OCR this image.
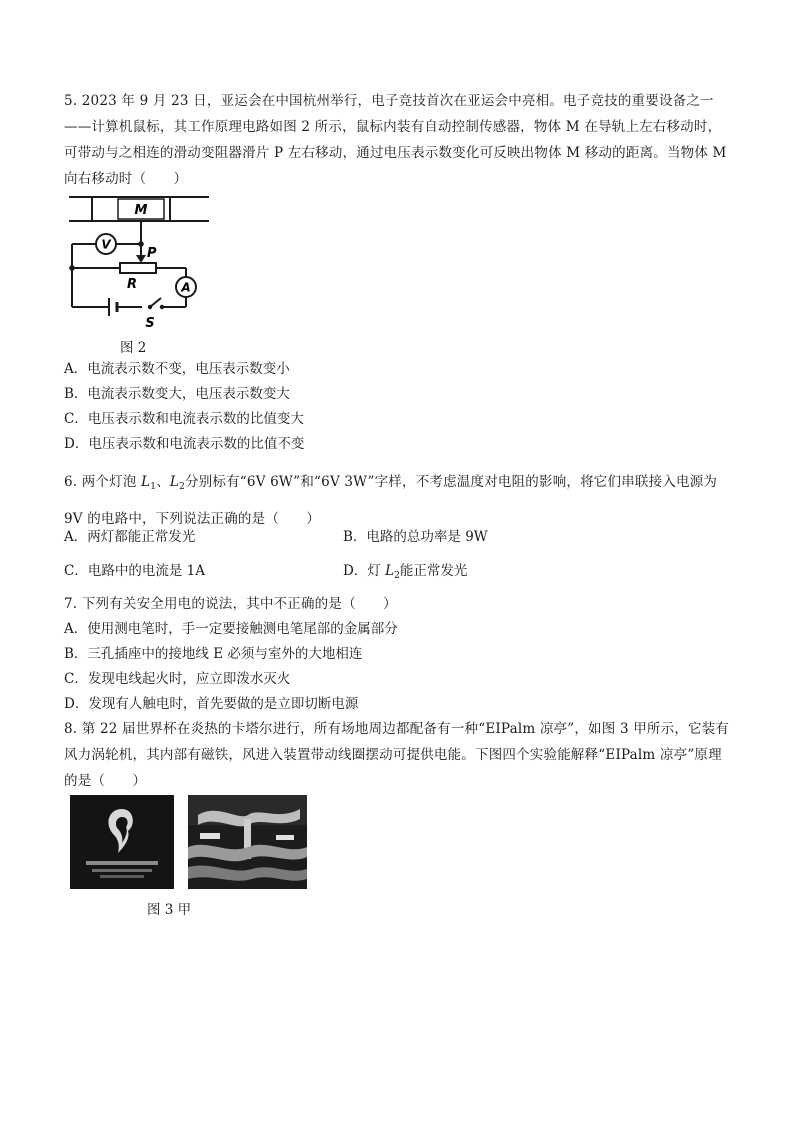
5. 2023 年 9 月 23 日，亚运会在中国杭州举行，电子竞技首次在亚运会中亮相。电子竞技的重要设备之一——计算机鼠标，其工作原理电路如图 2 所示，鼠标内装有自动控制传感器，物体 M 在导轨上左右移动时，可带动与之相连的滑动变阻器滑片 P 左右移动，通过电压表示数变化可反映出物体 M 移动的距离。当物体 M 向右移动时（　　）
V
A
M
P
R
S
图 2
A．电流表示数不变，电压表示数变小
B．电流表示数变大，电压表示数变大
C．电压表示数和电流表示数的比值变大
D．电压表示数和电流表示数的比值不变
6. 两个灯泡 $L_1$、$L_2$分别标有“6V 6W”和“6V 3W”字样，不考虑温度对电阻的影响，将它们串联接入电源为 9V 的电路中，下列说法正确的是（　　）
A．两灯都能正常发光	B．电路的总功率是 9W
C．电路中的电流是 1A	D．灯 $L_2$能正常发光
7. 下列有关安全用电的说法，其中不正确的是（　　）
A．使用测电笔时，手一定要接触测电笔尾部的金属部分
B．三孔插座中的接地线 E 必须与室外的大地相连
C．发现电线起火时，应立即泼水灭火
D．发现有人触电时，首先要做的是立即切断电源
8. 第 22 届世界杯在炎热的卡塔尔进行，所有场地周边都配备有一种“EIPalm 凉亭”，如图 3 甲所示，它装有风力涡轮机，其内部有磁铁，风进入装置带动线圈摆动可提供电能。下图四个实验能解释“EIPalm 凉亭”原理的是（　　）
图 3 甲
